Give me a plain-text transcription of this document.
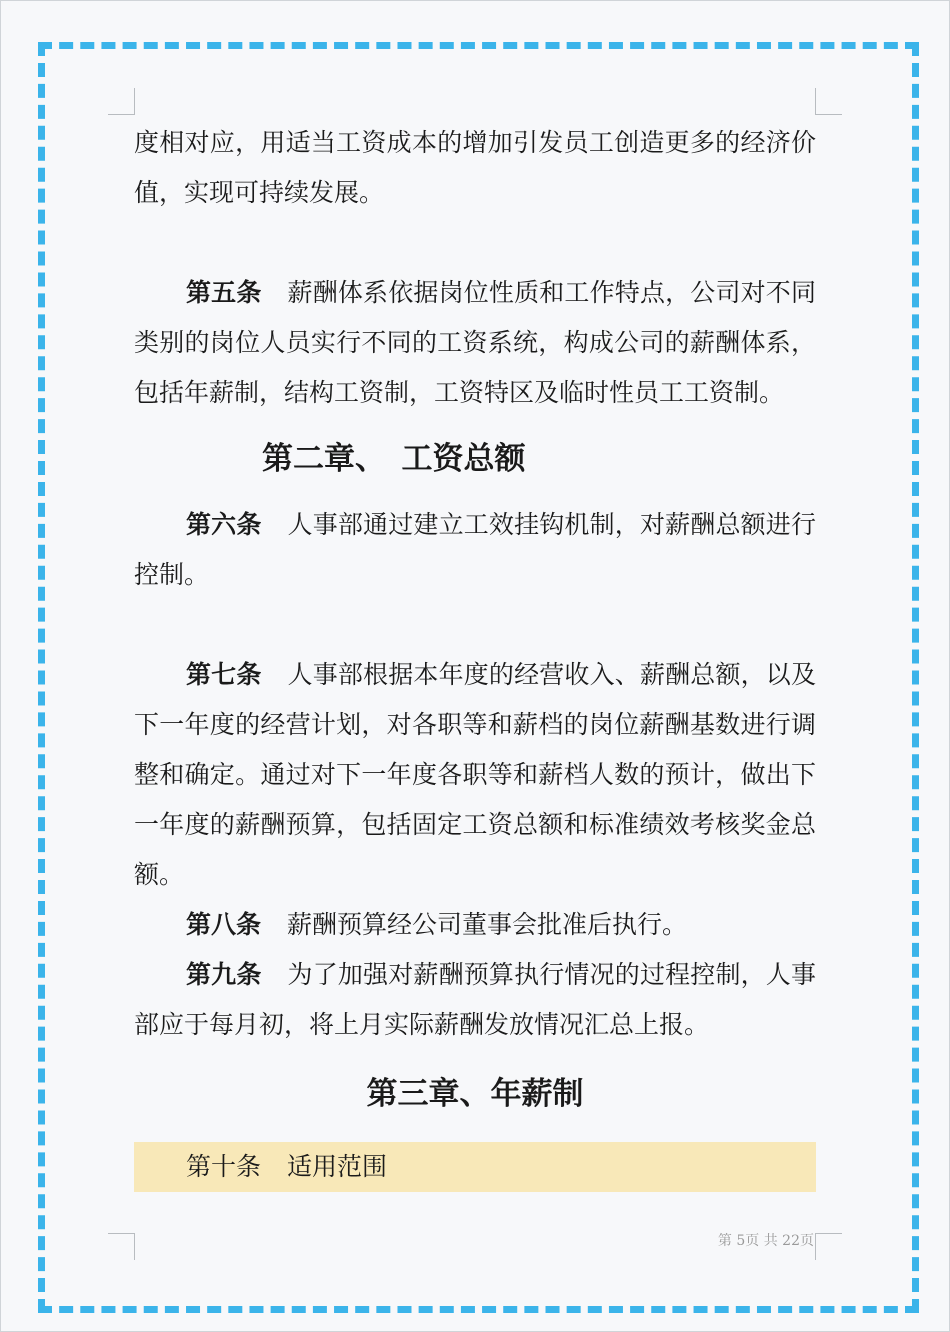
度相对应，用适当工资成本的增加引发员工创造更多的经济价值，实现可持续发展。

第五条 薪酬体系依据岗位性质和工作特点，公司对不同类别的岗位人员实行不同的工资系统，构成公司的薪酬体系，包括年薪制，结构工资制，工资特区及临时性员工工资制。

第二章、　工资总额

第六条 人事部通过建立工效挂钩机制，对薪酬总额进行控制。

第七条 人事部根据本年度的经营收入、薪酬总额，以及下一年度的经营计划，对各职等和薪档的岗位薪酬基数进行调整和确定。通过对下一年度各职等和薪档人数的预计，做出下一年度的薪酬预算，包括固定工资总额和标准绩效考核奖金总额。

第八条 薪酬预算经公司董事会批准后执行。

第九条 为了加强对薪酬预算执行情况的过程控制，人事部应于每月初，将上月实际薪酬发放情况汇总上报。

第三章、年薪制
第十条 适用范围
第 5页 共 22页
